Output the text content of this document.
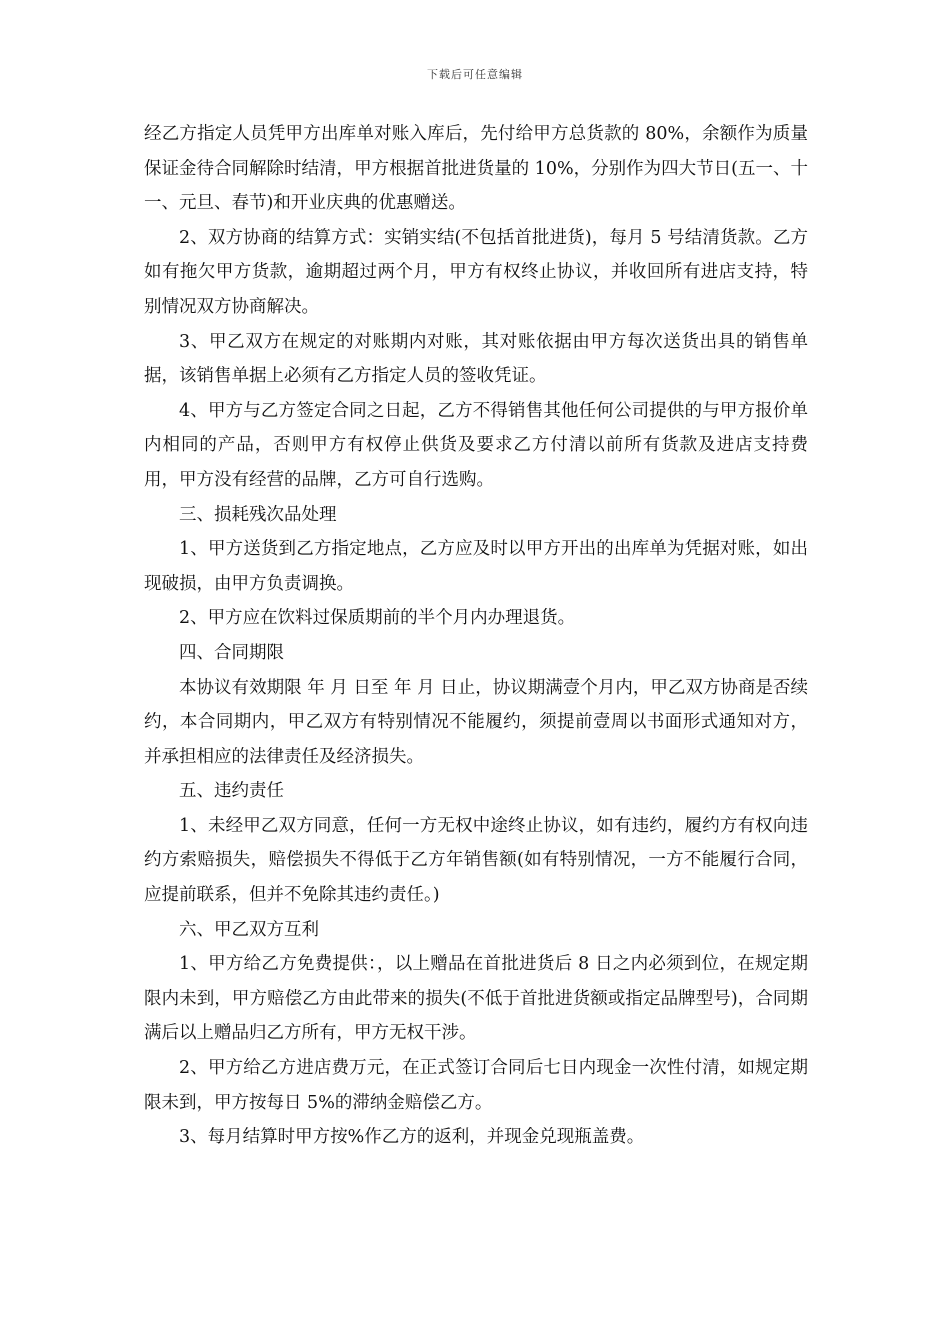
下载后可任意编辑

经乙方指定人员凭甲方出库单对账入库后，先付给甲方总货款的 80%，余额作为质量保证金待合同解除时结清，甲方根据首批进货量的 10%，分别作为四大节日(五一、十一、元旦、春节)和开业庆典的优惠赠送。

2、双方协商的结算方式：实销实结(不包括首批进货)，每月 5 号结清货款。乙方如有拖欠甲方货款，逾期超过两个月，甲方有权终止协议，并收回所有进店支持，特别情况双方协商解决。

3、甲乙双方在规定的对账期内对账，其对账依据由甲方每次送货出具的销售单据，该销售单据上必须有乙方指定人员的签收凭证。

4、甲方与乙方签定合同之日起，乙方不得销售其他任何公司提供的与甲方报价单内相同的产品，否则甲方有权停止供货及要求乙方付清以前所有货款及进店支持费用，甲方没有经营的品牌，乙方可自行选购。

三、损耗残次品处理

1、甲方送货到乙方指定地点，乙方应及时以甲方开出的出库单为凭据对账，如出现破损，由甲方负责调换。

2、甲方应在饮料过保质期前的半个月内办理退货。

四、合同期限

本协议有效期限 年 月 日至 年 月 日止，协议期满壹个月内，甲乙双方协商是否续约，本合同期内，甲乙双方有特别情况不能履约，须提前壹周以书面形式通知对方，并承担相应的法律责任及经济损失。

五、违约责任

1、未经甲乙双方同意，任何一方无权中途终止协议，如有违约，履约方有权向违约方索赔损失，赔偿损失不得低于乙方年销售额(如有特别情况，一方不能履行合同，应提前联系，但并不免除其违约责任。)

六、甲乙双方互利

1、甲方给乙方免费提供：，以上赠品在首批进货后 8 日之内必须到位，在规定期限内未到，甲方赔偿乙方由此带来的损失(不低于首批进货额或指定品牌型号)，合同期满后以上赠品归乙方所有，甲方无权干涉。

2、甲方给乙方进店费万元，在正式签订合同后七日内现金一次性付清，如规定期限未到，甲方按每日 5%的滞纳金赔偿乙方。

3、每月结算时甲方按%作乙方的返利，并现金兑现瓶盖费。
